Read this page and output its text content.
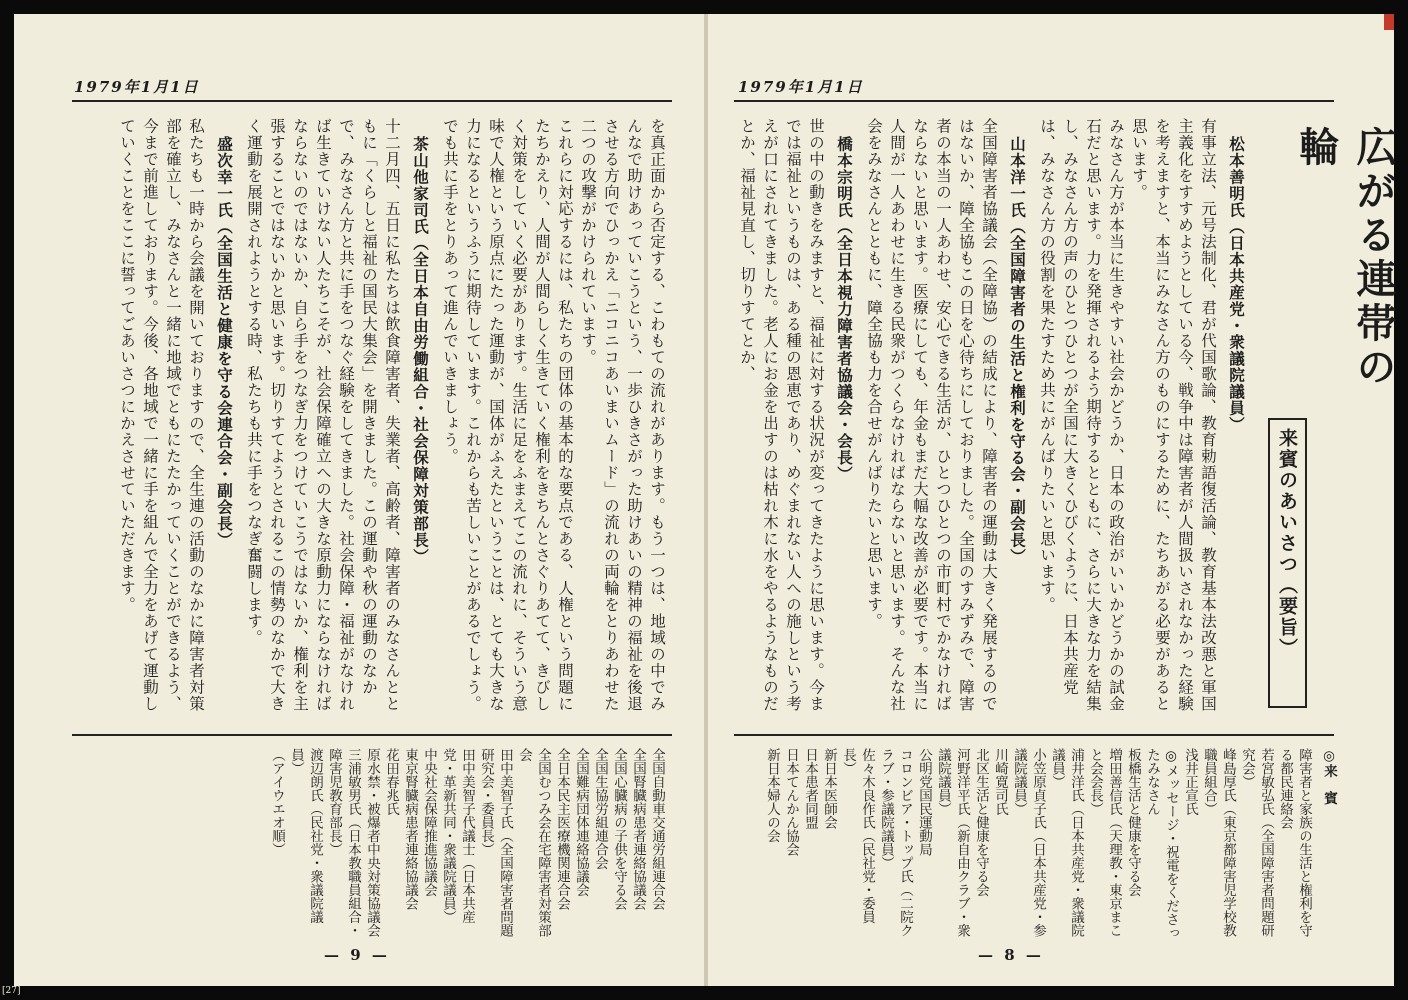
1979年1月1日

を真正面から否定する、こわもての流れがあります。もう一つは、地域の中でみんなで助けあっていこうという、一歩ひきさがった助けあいの精神の福祉を後退させる方向でひっかえ「ニコニコあいまいムード」の流れの両輪をとりあわせた二つの攻撃がかけられています。
これらに対応するには、私たちの団体の基本的な要点である、人権という問題にたちかえり、人間が人間らしく生きていく権利をきちんとさぐりあてて、きびしく対策をしていく必要があります。生活に足をふまえてこの流れに、そういう意味で人権という原点にたった運動が、国体がふえたということは、とても大きな力になるというふうに期待しています。これからも苦しいことがあるでしょう。でも共に手をとりあって進んでいきましょう。

茶山他家司氏（全日本自由労働組合・社会保障対策部長）

十二月四、五日に私たちは飲食障害者、失業者、高齢者、障害者のみなさんとともに「くらしと福祉の国民大集会」を開きました。この運動や秋の運動のなかで、みなさん方と共に手をつなぐ経験をしてきました。社会保障・福祉がなければ生きていけない人たちこそが、社会保障確立への大きな原動力にならなければならないのではないか、自ら手をつなぎ力をつけていこうではないか、権利を主張することではないかと思います。切りすてようとされるこの情勢のなかで大きく運動を展開されようとする時、私たちも共に手をつなぎ奮闘します。

盛次幸一氏（全国生活と健康を守る会連合会・副会長）

私たちも一時から会議を開いておりますので、全生連の活動のなかに障害者対策部を確立し、みなさんと一緒に地域でともにたたかっていくことができるよう、今まで前進しております。今後、各地域で一緒に手を組んで全力をあげて運動していくことをここに誓ってごあいさつにかえさせていただきます。

全国自動車交通労組連合会
全国腎臓病患者連絡協議会
全国心臓病の子供を守る会
全国生協労組連合会
全国難病団体連絡協議会
全日本民主医療機関連合会
全国むつみ会在宅障害者対策部会
田中美智子氏（全国障害者問題研究会・委員長）
田中美智子代議士（日本共産党・革新共同・衆議院議員）
中央社会保障推進協議会
東京腎臓病患者連絡協議会
花田春兆氏
原水禁・被爆者中央対策協議会
三浦敏男氏（日本教職員組合・障害児教育部長）
渡辺朗氏（民社党・衆議院議員）
（アイウエオ順）

— 9 —
1979年1月1日
広がる連帯の輪
来賓のあいさつ（要旨）

松本善明氏（日本共産党・衆議院議員）

有事立法、元号法制化、君が代国歌論、教育勅語復活論、教育基本法改悪と軍国主義化をすすめようとしている今、戦争中は障害者が人間扱いされなかった経験を考えますと、本当にみなさん方のものにするために、たちあがる必要があると思います。
みなさん方が本当に生きやすい社会かどうか、日本の政治がいいかどうかの試金石だと思います。力を発揮されるよう期待するとともに、さらに大きな力を結集し、みなさん方の声のひとつひとつが全国に大きくひびくように、日本共産党は、みなさん方の役割を果たすため共にがんばりたいと思います。

山本洋一氏（全国障害者の生活と権利を守る会・副会長）

全国障害者協議会（全障協）の結成により、障害者の運動は大きく発展するのではないか、障全協もこの日を心待ちにしておりました。全国のすみずみで、障害者の本当の一人あわせ、安心できる生活が、ひとつひとつの市町村でかなければならないと思います。医療にしても、年金もまだ大幅な改善が必要です。本当に人間が一人あわせに生きる民衆がつくらなければならないと思います。そんな社会をみなさんとともに、障全協も力を合せがんばりたいと思います。

橋本宗明氏（全日本視力障害者協議会・会長）

世の中の動きをみますと、福祉に対する状況が変ってきたように思います。今までは福祉というものは、ある種の恩恵であり、めぐまれない人への施しという考えが口にされてきました。老人にお金を出すのは枯れ木に水をやるようなものだとか、福祉見直し、切りすてとか、

◎来　賓

障害者と家族の生活と権利を守る都民連絡会
若宮敏弘氏（全国障害者問題研究会）
峰島厚氏（東京都障害児学校教職員組合）
浅井正宣氏
◎メッセージ・祝電をくださったみなさん
板橋生活と健康を守る会
増田善信氏（天理教・東京まこと会会長）
浦井洋氏（日本共産党・衆議院議員）
小笠原貞子氏（日本共産党・参議院議員）
川崎寛司氏
北区生活と健康を守る会
河野洋平氏（新自由クラブ・衆議院議員）
公明党国民運動局
コロンビア・トップ氏（二院クラブ・参議院議員）
佐々木良作氏（民社党・委員長）
新日本医師会
日本患者同盟
日本てんかん協会
新日本婦人の会

— 8 —
[27]
